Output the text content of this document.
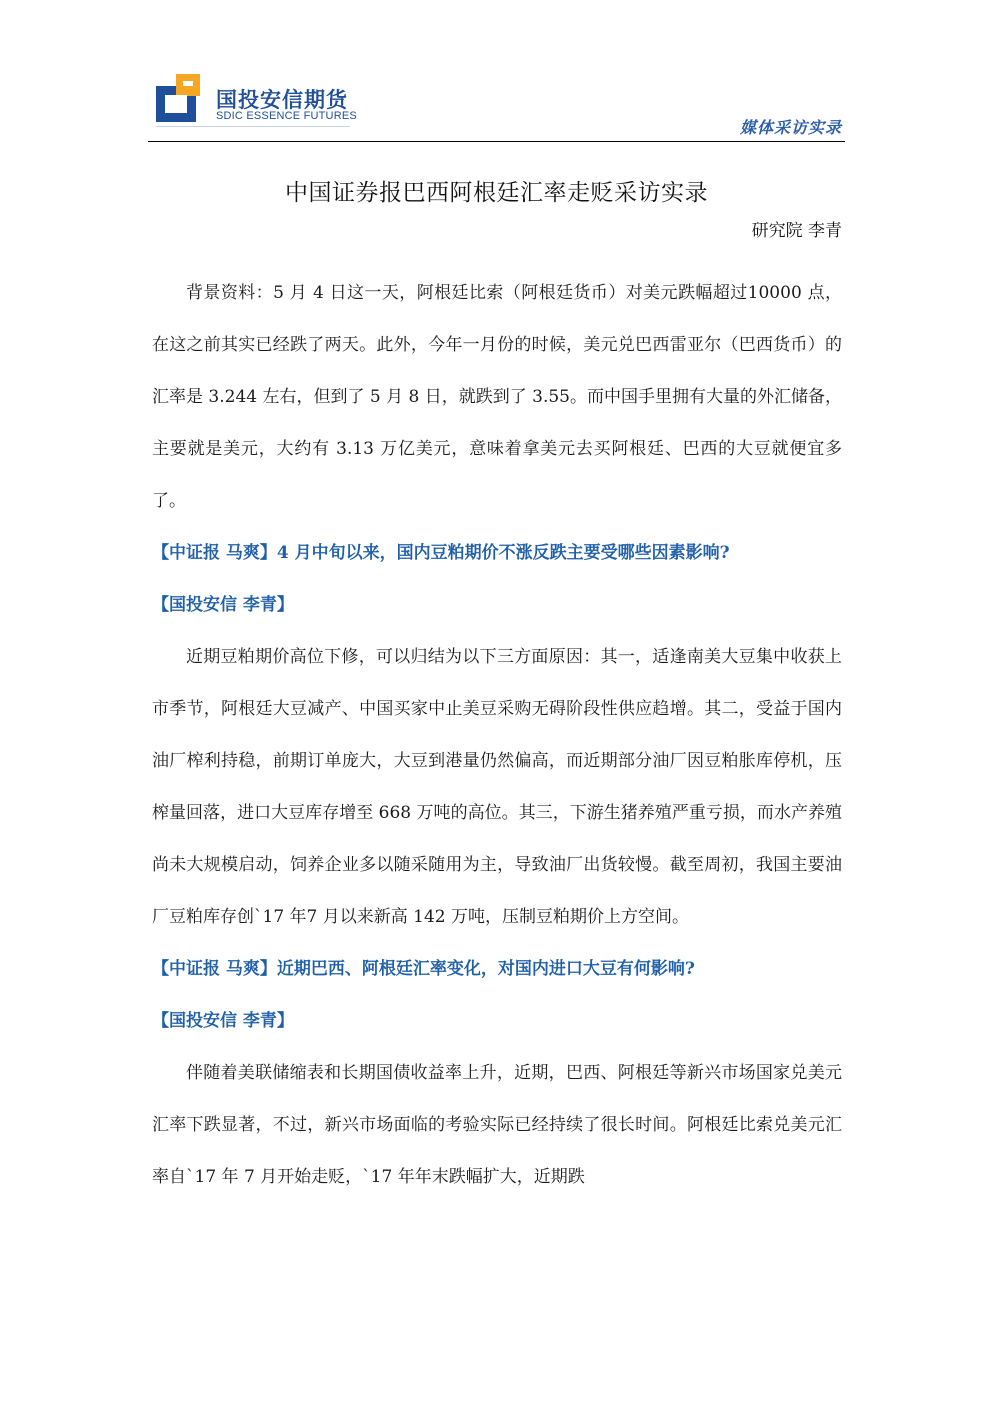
国投安信期货
SDIC ESSENCE FUTURES
媒体采访实录
中国证券报巴西阿根廷汇率走贬采访实录
研究院 李青

背景资料：5 月 4 日这一天，阿根廷比索（阿根廷货币）对美元跌幅超过10000 点，在这之前其实已经跌了两天。此外，今年一月份的时候，美元兑巴西雷亚尔（巴西货币）的汇率是 3.244 左右，但到了 5 月 8 日，就跌到了 3.55。而中国手里拥有大量的外汇储备，主要就是美元，大约有 3.13 万亿美元，意味着拿美元去买阿根廷、巴西的大豆就便宜多了。

【中证报 马爽】4 月中旬以来，国内豆粕期价不涨反跌主要受哪些因素影响?

【国投安信 李青】

近期豆粕期价高位下修，可以归结为以下三方面原因：其一，适逢南美大豆集中收获上市季节，阿根廷大豆减产、中国买家中止美豆采购无碍阶段性供应趋增。其二，受益于国内油厂榨利持稳，前期订单庞大，大豆到港量仍然偏高，而近期部分油厂因豆粕胀库停机，压榨量回落，进口大豆库存增至 668 万吨的高位。其三，下游生猪养殖严重亏损，而水产养殖尚未大规模启动，饲养企业多以随采随用为主，导致油厂出货较慢。截至周初，我国主要油厂豆粕库存创`17 年7 月以来新高 142 万吨，压制豆粕期价上方空间。

【中证报 马爽】近期巴西、阿根廷汇率变化，对国内进口大豆有何影响?

【国投安信 李青】

伴随着美联储缩表和长期国债收益率上升，近期，巴西、阿根廷等新兴市场国家兑美元汇率下跌显著，不过，新兴市场面临的考验实际已经持续了很长时间。阿根廷比索兑美元汇率自`17 年 7 月开始走贬，`17 年年末跌幅扩大，近期跌
